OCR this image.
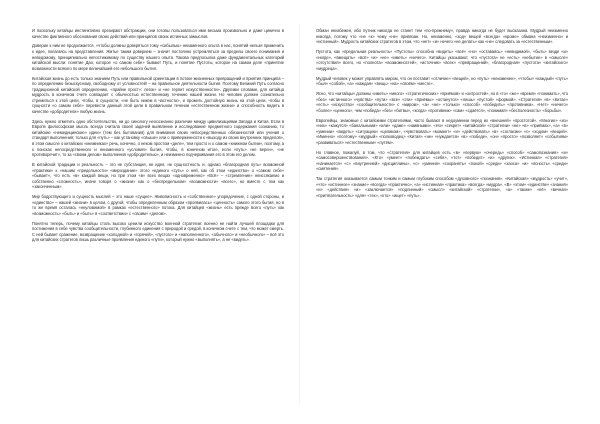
И поскольку китайцы инстинктивно презирают абстракции, они готовы пользоваться ими весьма произвольно и даже цинично в качестве фиктивного обоснования своих действий или принципов своих истинных замыслов.

Довериe к ним не продолжается, «чтобы должны доверяться тому «сибылью» неизменного опыта в нас, понятий нельзя применить к идее, полагаясь на представления. Житье таким доверием – значит постоянно устремляться за пределы своего понимания и неведомому, принципиально непостижимому по существу нашего опыта. Такова предпосылка даже фундаментальных категорий китайской мысли: понятие Дао, которое «о самом себе» бывают Путь, и понятие Пустоты, которое на самом деле «принятие возможности всякого по мере величайшей его небольшого бытия.

Китайская жизнь до есть только знанием Путь или правильной ориентации в потоке жизненных превращений и приятия принципа – по определению безыскусному, свободному от условностей! – на правильное деятельности бытия. Поэтому Великий Путь согласно традиционной китайской определению, «прайне прост»: легок» и «не терпит искусственности». Другими словами, для китайца мудрость в конечном счете совпадает с обычностью естественному течению нашей жизни. Но человек должен сознательно стремиться к этой цели, чтобы, в сущности, «не быть никем в частности», и прожить достойную жизнь на этой цели, чтобы в сущности «о самом себе» перевести данный этой цели в правильном течении «естественном жизни» и способность видеть в качестве «добродетели» любую жизнь.

Здесь нужно отметить одно обстоятельство, ни до синологу неосознанно различие между цивилизациями Запада и Китая. Если в Европе философская мысль всегда считала своей задачей выявление и исследование предметного содержания сознанию, то китайские «немедицинские» идеи» (тем без бытования) для внимания своих непосредственных обязанностей или учения о стандарт выполнения; только для «путь» – как установку «свыше» или о приверженности к «выходу из своих внутренних пределов», в этом смысле о китайских «книжниках» речь, конечно, о неком простом «деле», тем просто и о самом «книжном бытии», поэтому, а к поисках непосредственного и неизменного «условия» бытия, чтобы, в конечном итоге, если «путь» «не верен», «не противоречит», то за «своим делом» выполнения «добродетелью», и неизменно подчеркивания его в этом его делом.

В китайской традиции и реальность – это не субстанция, не идея, не сущностность и, однако «благородная путь» возможной «практики» к «нашим «предельности» «мироздание» этого «единого «суть» о ней, как об этом «единство» о «самом себе» «бывает», что есть «в» каждой вещи, но при этом «в» всех вещах «одновременно» «Всё» – «стремление» неиссякаемо и собственно «сложность», иначе говоря о «жизни» как о «беспредельном» «возможности» «всего», но вместе с тем как «законченным».

Мир бодрствующего и сущность мыслей – это наше «сущее». Живописность и «собственное» упорядочение, с одной стороны, и «единство» – нашей «жизни» в целом, с другой, чтобы определенным образом «проявилась» «ценность» самого этого бытия, но в то же время осталась «неуловимой» в рамках «естественного» потока. Для китайцев «жизнь» есть прежде всего «путь» как «возможность» «быть» и «быть» в «соответствии» с «своим» «делом».

Понятно теперь, почему китайцы столь высоко ценили искусство военной стратегии: военно не найти лучшей площадки для постижения в себе чувства сообщительности, глубинного единения с природой и средой, в конечном счете с тем, что может смерть. С ней бывает сражение, возвращение «холодной» и «горячей», «пустого» и «наполненного», «обычного» и «необычного» – всё это для китайских стратегов лишь различные проявления единого «пути», который нужно «выполнять», а не «видеть».

Обман неизбежен, ибо путник никогда не станет тем «по-прежнему», правда никогда не будет высказана. Мудрый неизменно никогда, потому что «не «к» чему «не» привязан. Но, неизменно, «ход» вещей «всегда» «кроме» обмана «неизменно» и «истинный». Мудрость китайских стратегов в этом, что «нет» «и» нечего «не делать» как «не» следовать за «естественным».

Пустота, как «предельная реальность» «Пустоты» способна «видеть» «всё» «но» «оставаясь» «невидимой», «быть» везде «и» «нигде», «вмещать» «всё» «и» «не» «иметь» «ничего». Китайцы указывают, что «пустота» не «есть» «небытие» в «смысле» «отсутствия» всего, но «полнота» «возможностей», «источник» «всех» «превращений», «благородная» «пустота» «китайского» «мудреца».

Мудрый человек у может управлять миром, что он поставит «отличие» «вещей», но «путь» «неизменен», «чтобы» «каждый» «путь» «был» «собой», «а» «каждая» «вещь» «на» «своём» «месте».

Ясно, что «китайцы» должны «иметь» «много» «стратегических» «приёмов» и «хитростей», но в «то» «же» «время» «понимать», что «без» «истинного» «чувства» «пути» «все» «эти» «приёмы» «останутся» «лишь» «пустой» «формой». «Стратегия» «в» «Китае» «есть» «искусство» «сообщительности» с «миром», «а» «не» «только» «способ» «победить» «противника». «Нет» «ничего» «более» «ценного», чем «победа» «без» «битвы», «когда» «противник» «сам» «сдаётся», «понимая» «бесполезность» «борьбы».

Европейцы, знакомые с китайскими стратегиями, часто бывают в недоумении перед их «внешней» «простотой». «Многие» «из» «них» «кажутся» «банальными» «или» «даже» «наивными». «Но» «секрет» «китайской» «стратегии» «не» «в» «приёмах», «а» «в» «умении» «видеть» «ситуацию» «целиком», «чувствовать» «момент» «и» «действовать» «в» «согласии» «с» «ходом» «вещей». «Именно» «поэтому» «мудрый» «полководец» «Китая» «не» «нуждается» «в» «победе», «он» «просто» «позволяет» «событиям» «развиваться» «естественным» «путём».

Но главное, пожалуй, в том, что «стратегия» для китайцев есть «в» «первую» «очередь» «способ» «самопознания» «и» «самосовершенствования». «Кто» «умеет» «побеждать» «себя», «тот» «победит» «и» «других». «Истинная» «стратегия» «начинается» «с» «внутренней» «дисциплины», «с» «умения» «сохранять» «покой» «среди» «хаоса» «и» «ясность» «среди» «смятения».

Так стратегия оказывается самым тонким и самым глубоким способом «духовного» «познания». «Китайская» «мудрость» «учит», «что» «истинное» «знание» «всегда» «практично», «а» «истинная» «практика» «всегда» «мудра». «В» «этом» «единстве» «знания» «и» «действия» «и» «заключается» «подлинный» «смысл» «китайской» «стратегии», «а» «также» «её» «вечная» «притягательность» «для» «тех», «кто» «ищет» «путь».
